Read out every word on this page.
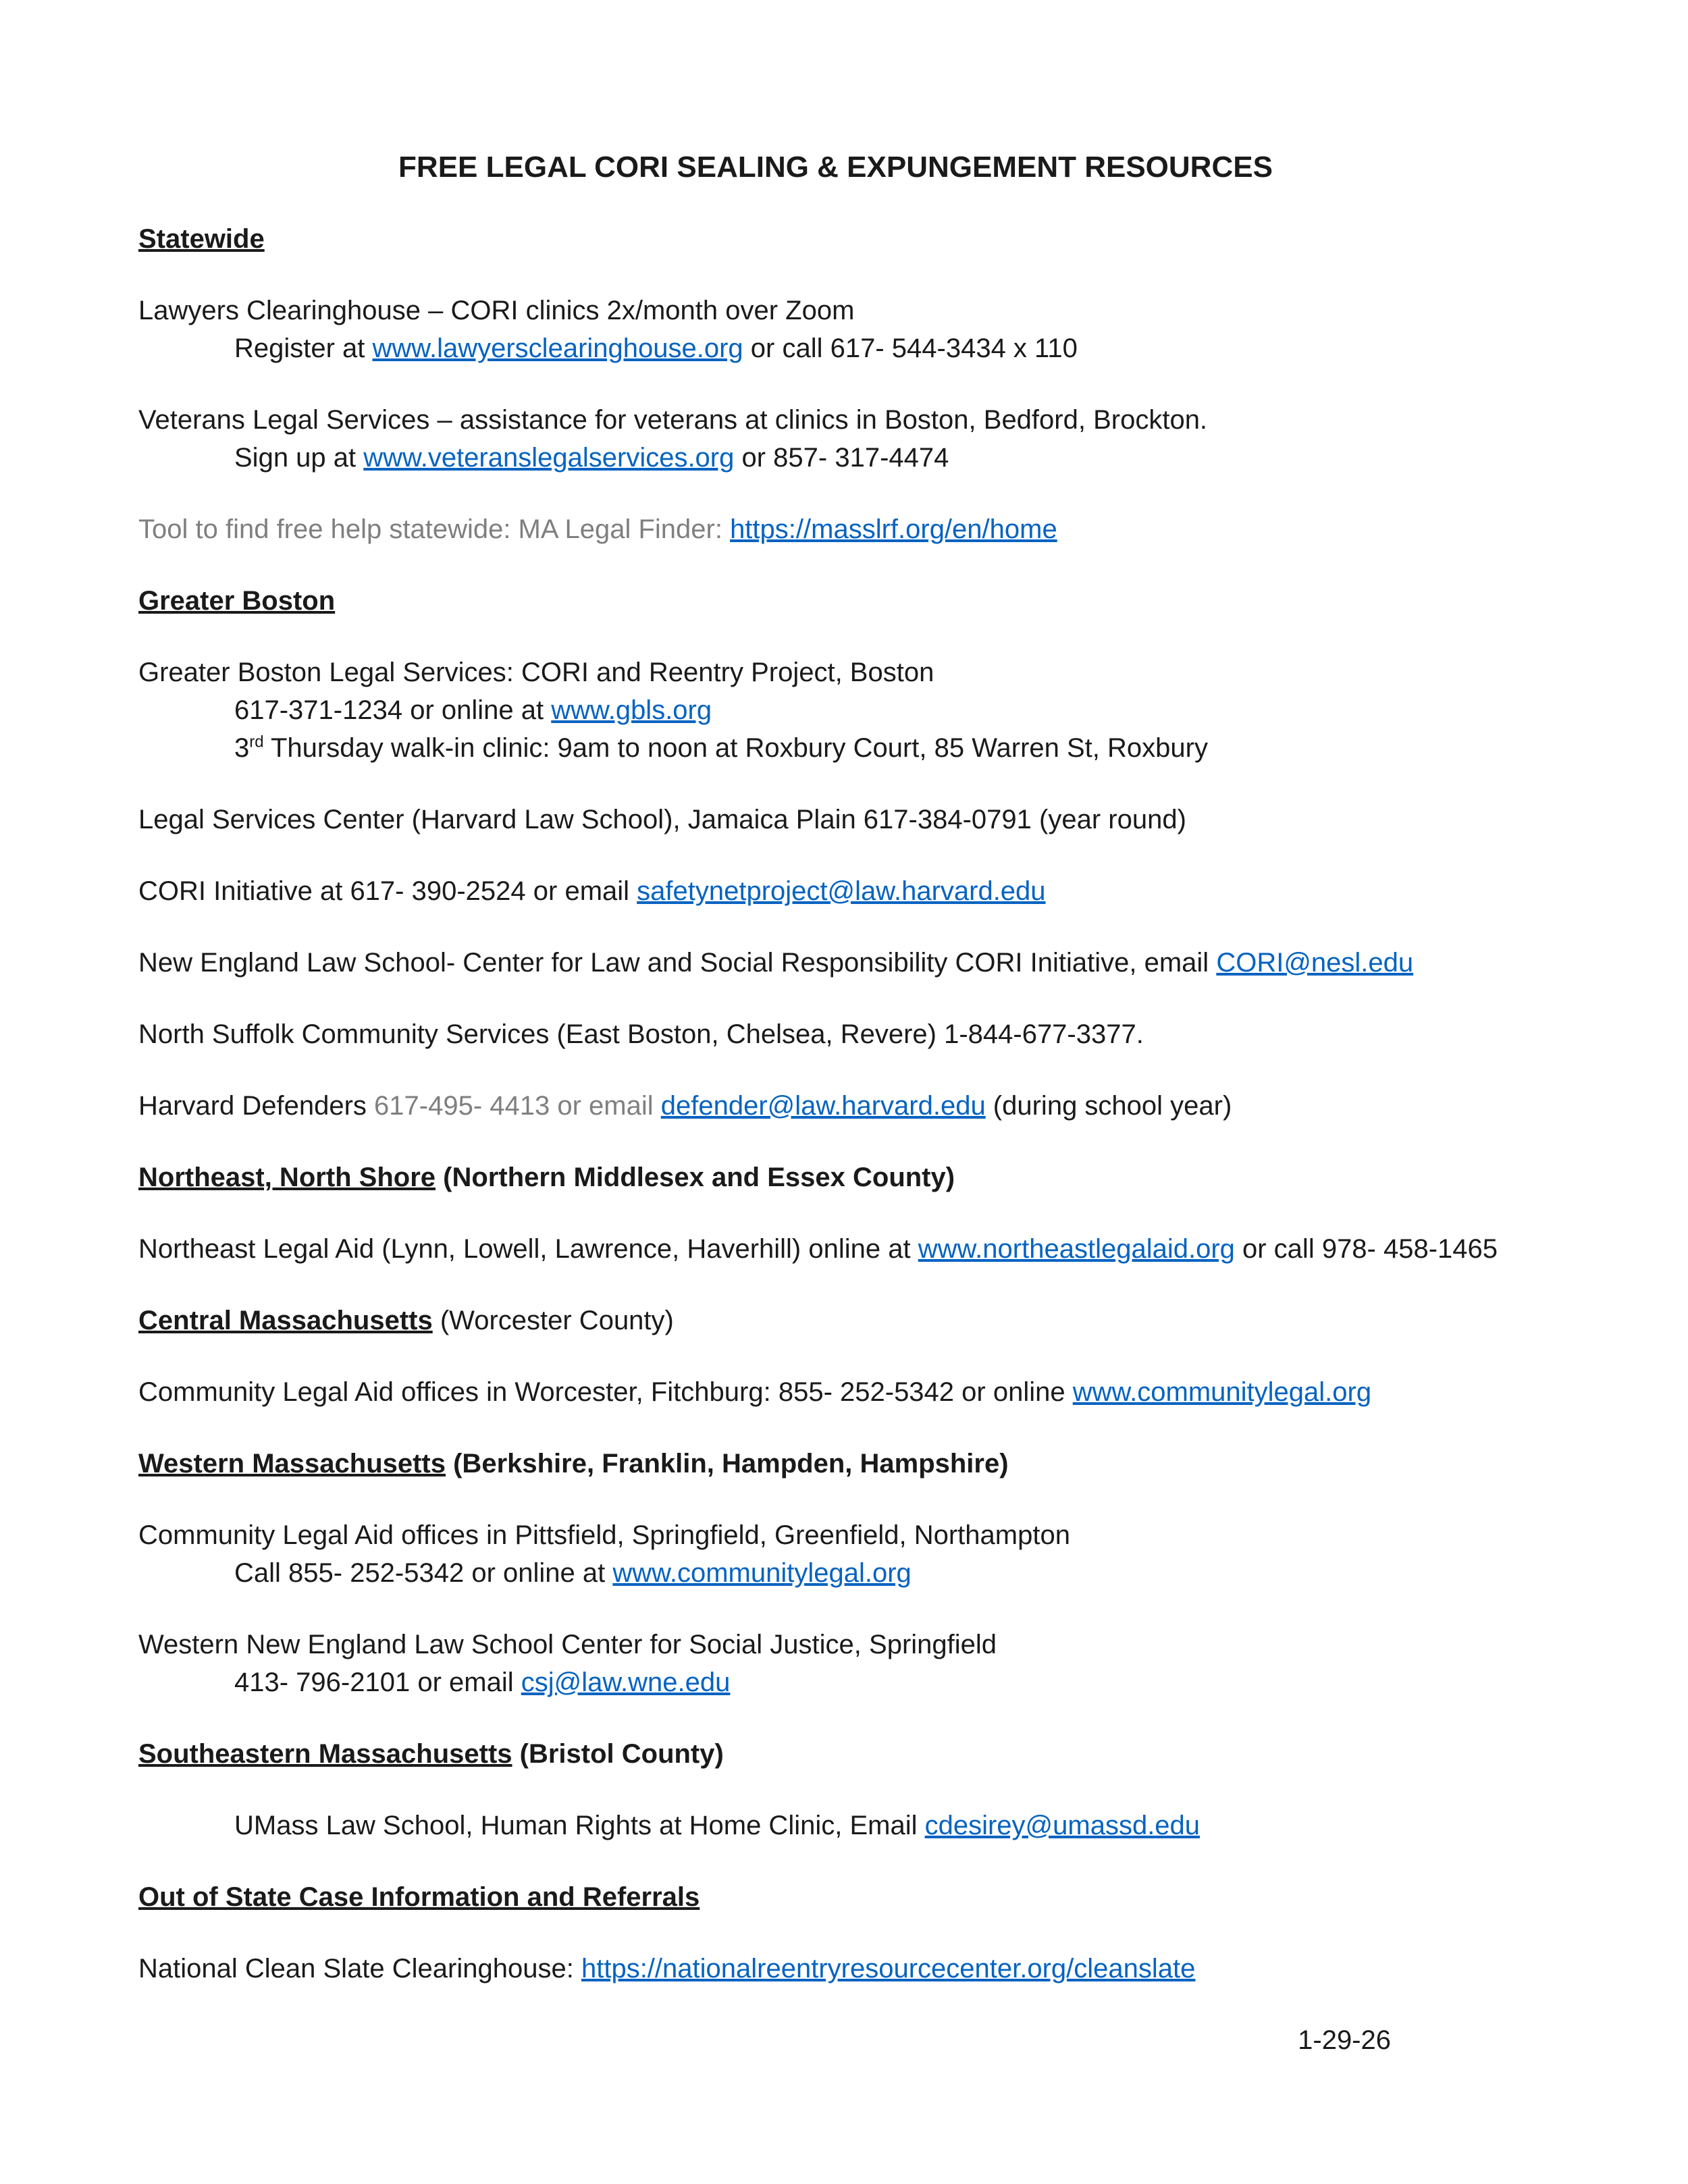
FREE LEGAL CORI SEALING & EXPUNGEMENT RESOURCES
Statewide
Lawyers Clearinghouse – CORI clinics 2x/month over Zoom
Register at www.lawyersclearinghouse.org or call 617- 544-3434 x 110
Veterans Legal Services – assistance for veterans at clinics in Boston, Bedford, Brockton.
Sign up at www.veteranslegalservices.org or 857- 317-4474
Tool to find free help statewide: MA Legal Finder: https://masslrf.org/en/home
Greater Boston
Greater Boston Legal Services: CORI and Reentry Project, Boston
617-371-1234 or online at www.gbls.org
3rd Thursday walk-in clinic: 9am to noon at Roxbury Court, 85 Warren St, Roxbury
Legal Services Center (Harvard Law School), Jamaica Plain 617-384-0791 (year round)
CORI Initiative at 617- 390-2524 or email safetynetproject@law.harvard.edu
New England Law School- Center for Law and Social Responsibility CORI Initiative, email CORI@nesl.edu
North Suffolk Community Services (East Boston, Chelsea, Revere) 1-844-677-3377.
Harvard Defenders 617-495- 4413 or email defender@law.harvard.edu (during school year)
Northeast, North Shore (Northern Middlesex and Essex County)
Northeast Legal Aid (Lynn, Lowell, Lawrence, Haverhill) online at www.northeastlegalaid.org or call 978- 458-1465
Central Massachusetts (Worcester County)
Community Legal Aid offices in Worcester, Fitchburg: 855- 252-5342 or online www.communitylegal.org
Western Massachusetts (Berkshire, Franklin, Hampden, Hampshire)
Community Legal Aid offices in Pittsfield, Springfield, Greenfield, Northampton
Call 855- 252-5342 or online at www.communitylegal.org
Western New England Law School Center for Social Justice, Springfield
413- 796-2101 or email csj@law.wne.edu
Southeastern Massachusetts (Bristol County)
UMass Law School, Human Rights at Home Clinic, Email cdesirey@umassd.edu
Out of State Case Information and Referrals
National Clean Slate Clearinghouse: https://nationalreentryresourcecenter.org/cleanslate
1-29-26
